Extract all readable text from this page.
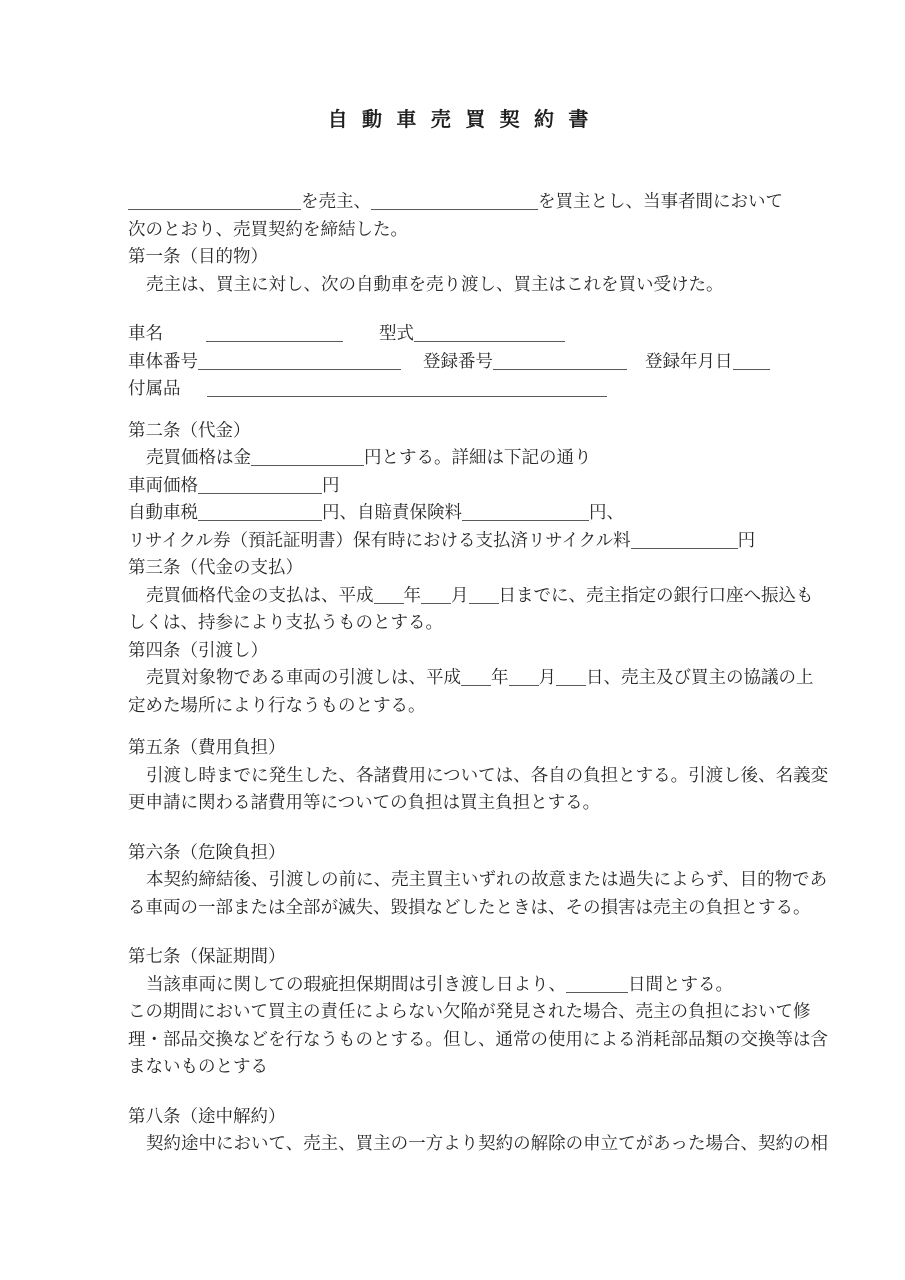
自動車売買契約書
を売主、	を買主とし、当事者間において
次のとおり、売買契約を締結した。
第一条（目的物）
売主は、買主に対し、次の自動車を売り渡し、買主はこれを買い受けた。
車名	型式
車体番号	登録番号	登録年月日
付属品
第二条（代金）
売買価格は金	円とする。詳細は下記の通り
車両価格	円
自動車税	円、自賠責保険料	円、
リサイクル券（預託証明書）保有時における支払済リサイクル料	円
第三条（代金の支払）
売買価格代金の支払は、平成 年 月 日までに、売主指定の銀行口座へ振込も
しくは、持参により支払うものとする。
第四条（引渡し）
売買対象物である車両の引渡しは、平成 年 月 日、売主及び買主の協議の上
定めた場所により行なうものとする。
第五条（費用負担）
引渡し時までに発生した、各諸費用については、各自の負担とする。引渡し後、名義変
更申請に関わる諸費用等についての負担は買主負担とする。
第六条（危険負担）
本契約締結後、引渡しの前に、売主買主いずれの故意または過失によらず、目的物であ
る車両の一部または全部が滅失、毀損などしたときは、その損害は売主の負担とする。
第七条（保証期間）
当該車両に関しての瑕疵担保期間は引き渡し日より、	日間とする。
この期間において買主の責任によらない欠陥が発見された場合、売主の負担において修
理・部品交換などを行なうものとする。但し、通常の使用による消耗部品類の交換等は含
まないものとする
第八条（途中解約）
契約途中において、売主、買主の一方より契約の解除の申立てがあった場合、契約の相
